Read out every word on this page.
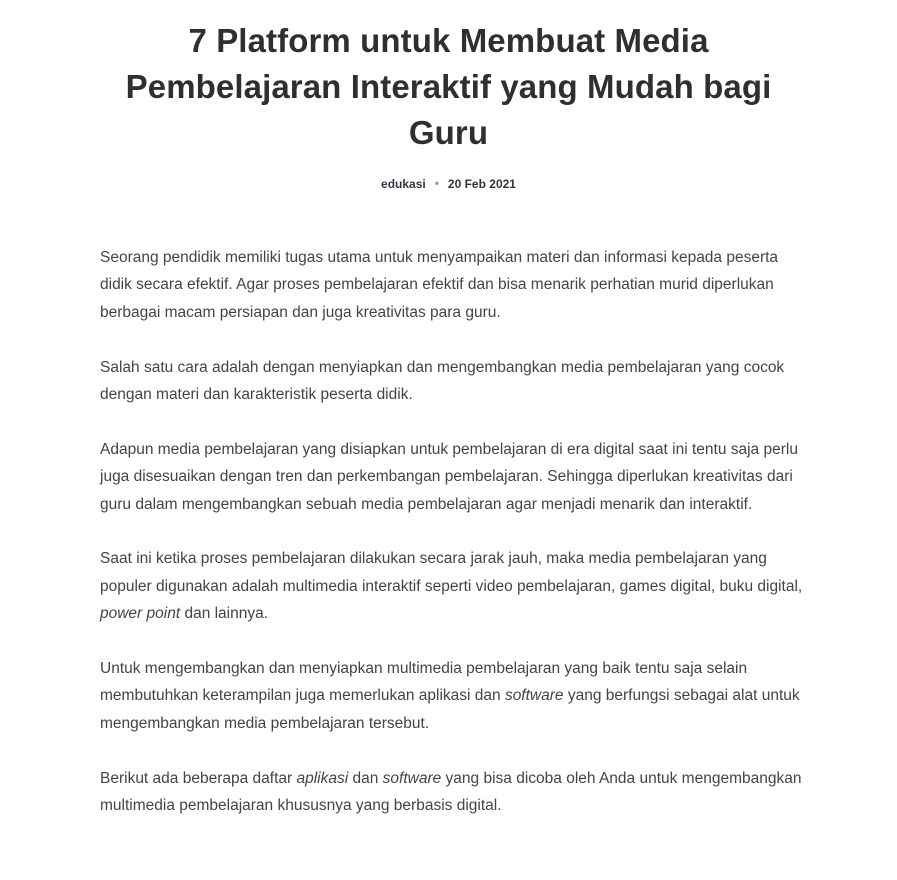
7 Platform untuk Membuat Media Pembelajaran Interaktif yang Mudah bagi Guru
edukasi • 20 Feb 2021

Seorang pendidik memiliki tugas utama untuk menyampaikan materi dan informasi kepada peserta didik secara efektif. Agar proses pembelajaran efektif dan bisa menarik perhatian murid diperlukan berbagai macam persiapan dan juga kreativitas para guru.

Salah satu cara adalah dengan menyiapkan dan mengembangkan media pembelajaran yang cocok dengan materi dan karakteristik peserta didik.

Adapun media pembelajaran yang disiapkan untuk pembelajaran di era digital saat ini tentu saja perlu juga disesuaikan dengan tren dan perkembangan pembelajaran. Sehingga diperlukan kreativitas dari guru dalam mengembangkan sebuah media pembelajaran agar menjadi menarik dan interaktif.

Saat ini ketika proses pembelajaran dilakukan secara jarak jauh, maka media pembelajaran yang populer digunakan adalah multimedia interaktif seperti video pembelajaran, games digital, buku digital, power point dan lainnya.

Untuk mengembangkan dan menyiapkan multimedia pembelajaran yang baik tentu saja selain membutuhkan keterampilan juga memerlukan aplikasi dan software yang berfungsi sebagai alat untuk mengembangkan media pembelajaran tersebut.

Berikut ada beberapa daftar aplikasi dan software yang bisa dicoba oleh Anda untuk mengembangkan multimedia pembelajaran khususnya yang berbasis digital.
